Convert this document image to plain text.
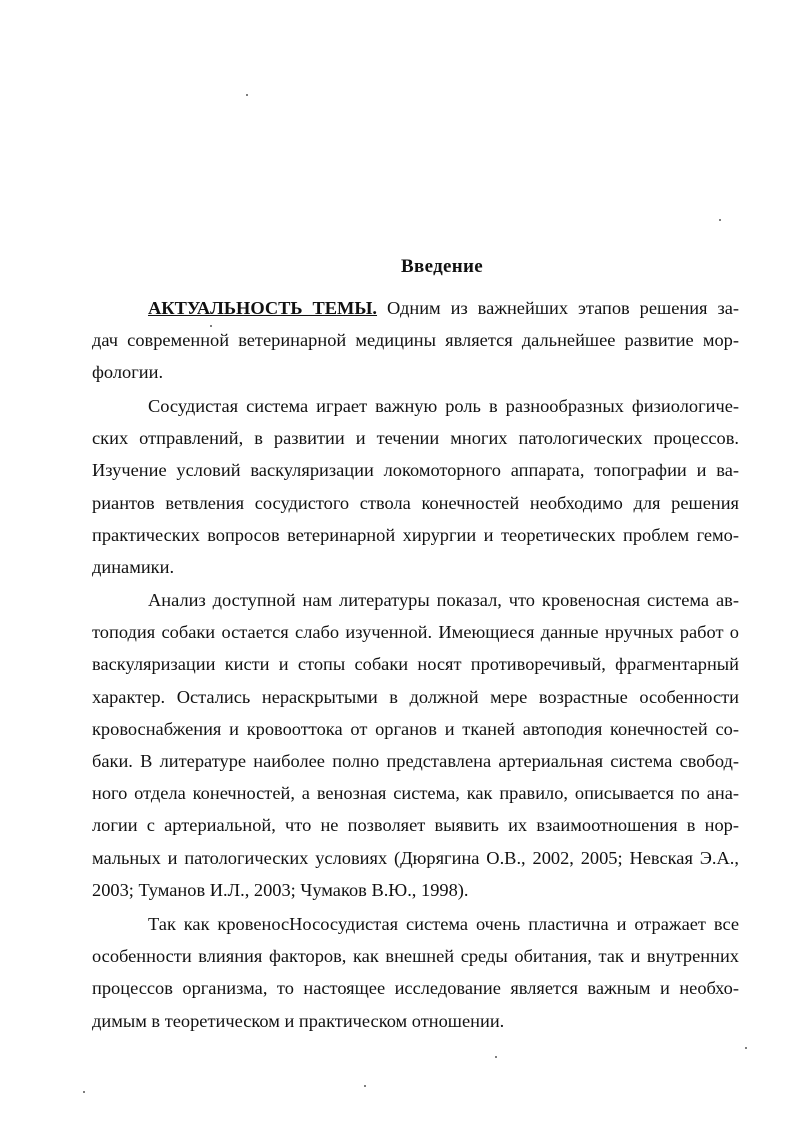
Введение
АКТУАЛЬНОСТЬ ТЕМЫ. Одним из важнейших этапов решения за-
дач современной ветеринарной медицины является дальнейшее развитие мор-
фологии.
Сосудистая система играет важную роль в разнообразных физиологиче-
ских отправлений, в развитии и течении многих патологических процессов.
Изучение условий васкуляризации локомоторного аппарата, топографии и ва-
риантов ветвления сосудистого ствола конечностей необходимо для решения
практических вопросов ветеринарной хирургии и теоретических проблем гемо-
динамики.
Анализ доступной нам литературы показал, что кровеносная система ав-
топодия собаки остается слабо изученной. Имеющиеся данные нручных работ о
васкуляризации кисти и стопы собаки носят противоречивый, фрагментарный
характер. Остались нераскрытыми в должной мере возрастные особенности
кровоснабжения и кровооттока от органов и тканей автоподия конечностей со-
баки. В литературе наиболее полно представлена артериальная система свобод-
ного отдела конечностей, а венозная система, как правило, описывается по ана-
логии с артериальной, что не позволяет выявить их взаимоотношения в нор-
мальных и патологических условиях (Дюрягина О.В., 2002, 2005; Невская Э.А.,
2003; Туманов И.Л., 2003; Чумаков В.Ю., 1998).
Так как кровеносНососудистая система очень пластична и отражает все
особенности влияния факторов, как внешней среды обитания, так и внутренних
процессов организма, то настоящее исследование является важным и необхо-
димым в теоретическом и практическом отношении.
